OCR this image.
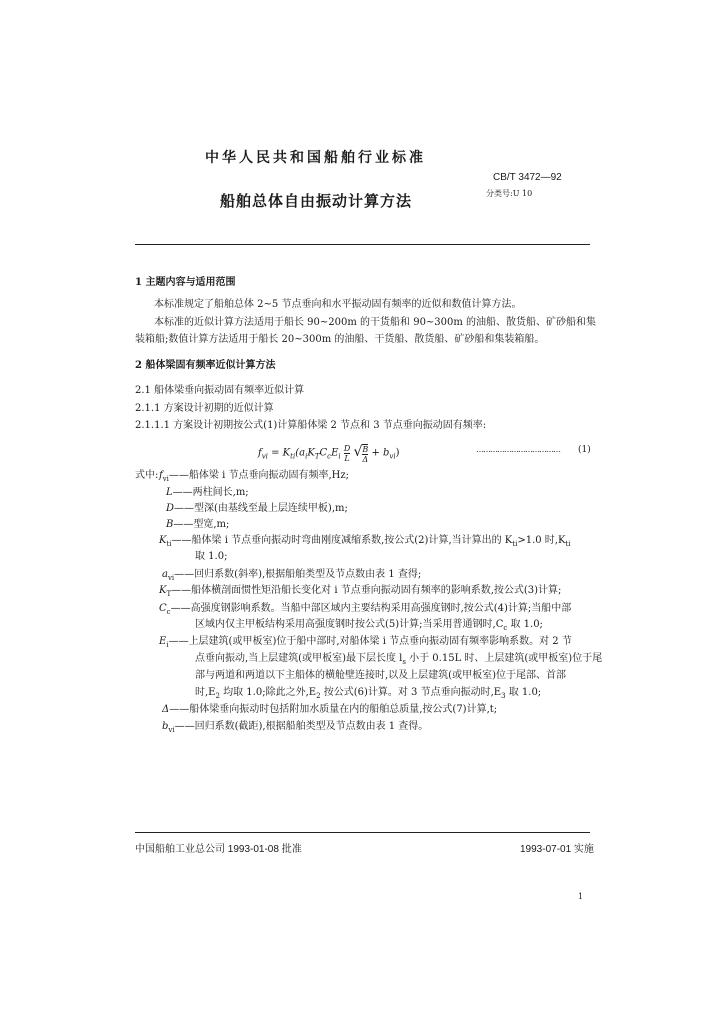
中华人民共和国船舶行业标准
CB/T 3472—92
分类号:U 10
船舶总体自由振动计算方法
1 主题内容与适用范围
本标准规定了船舶总体 2~5 节点垂向和水平振动固有频率的近似和数值计算方法。
本标准的近似计算方法适用于船长 90~200m 的干货船和 90~300m 的油船、散货船、矿砂船和集
装箱船;数值计算方法适用于船长 20~300m 的油船、干货船、散货船、矿砂船和集装箱船。
2 船体梁固有频率近似计算方法
2.1 船体梁垂向振动固有频率近似计算
2.1.1 方案设计初期的近似计算
2.1.1.1 方案设计初期按公式(1)计算船体梁 2 节点和 3 节点垂向振动固有频率:
$f_{vi} = K_{ti}(a_iK_TC_cE_i \frac{D}{L}$ √ $\frac{B}{\Delta} + b_{vi}$)	……………………………… (1)
式中: $f_{vi}——$船体梁 i 节点垂向振动固有频率,Hz;
L——两柱间长,m;
D——型深(由基线至最上层连续甲板),m;
B——型宽,m;
$K_{ti}——$船体梁 i 节点垂向振动时弯曲刚度减缩系数,按公式(2)计算,当计算出的 $K_{ti}>1.0$ 时$,K_{ti}$
取 1.0;
$a_{vi}——$回归系数(斜率),根据船舶类型及节点数由表 1 查得;
$K_T——$船体横剖面惯性矩沿船长变化对 i 节点垂向振动固有频率的影响系数,按公式(3)计算;
$C_c——$高强度钢影响系数。当船中部区域内主要结构采用高强度钢时,按公式(4)计算;当船中部
区域内仅主甲板结构采用高强度钢时按公式(5)计算;当采用普通钢时$,C_c$ 取 1.0;
$E_i——$上层建筑(或甲板室)位于船中部时,对船体梁 i 节点垂向振动固有频率影响系数。对 2 节
点垂向振动,当上层建筑(或甲板室)最下层长度 $l_s$ 小于 0.15L 时、上层建筑(或甲板室)位于尾
部与两道和两道以下主船体的横舱壁连接时,以及上层建筑(或甲板室)位于尾部、首部
时$,E_2$ 均取 1.0;除此之外$,E_2$ 按公式(6)计算。对 3 节点垂向振动时$,E_3$ 取 1.0;
Δ——船体梁垂向振动时包括附加水质量在内的船舶总质量,按公式(7)计算,t;
$b_{vi}——$回归系数(截距),根据船舶类型及节点数由表 1 查得。
中国船舶工业总公司 1993-01-08 批准	1993-07-01 实施
1
